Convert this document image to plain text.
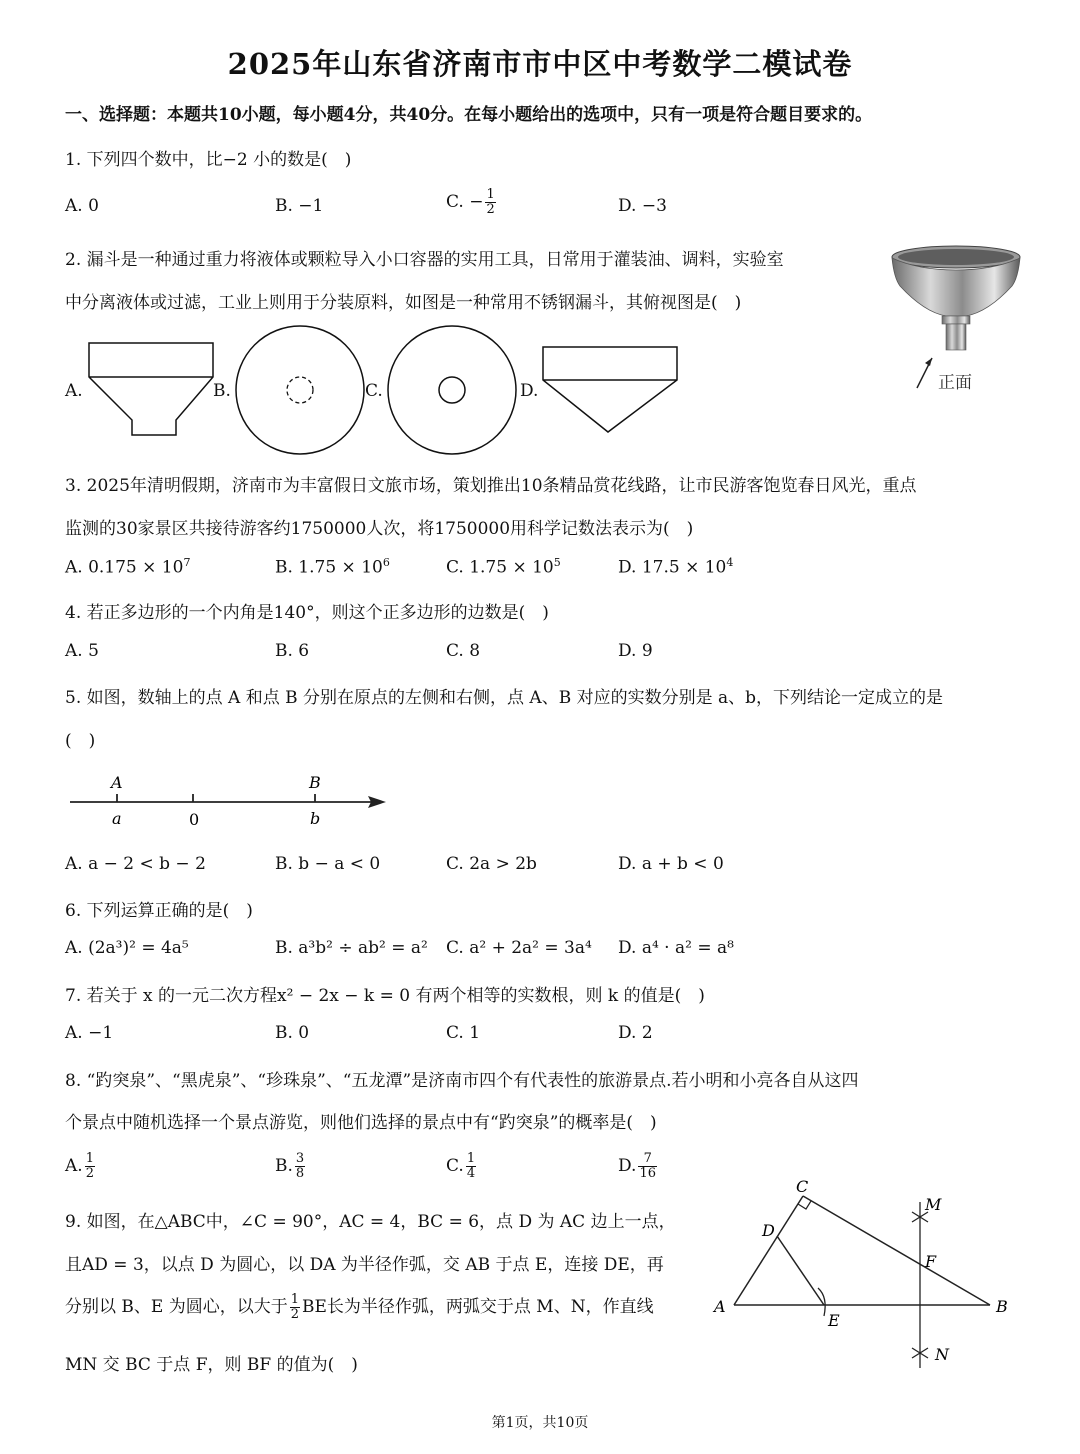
2025年山东省济南市市中区中考数学二模试卷
一、选择题：本题共10小题，每小题4分，共40分。在每小题给出的选项中，只有一项是符合题目要求的。
1. 下列四个数中，比−2 小的数是(　)
A. 0	B. −1	C. − $\frac{1}{2}$	D. −3
2. 漏斗是一种通过重力将液体或颗粒导入小口容器的实用工具，日常用于灌装油、调料，实验室
中分离液体或过滤，工业上则用于分装原料，如图是一种常用不锈钢漏斗，其俯视图是(　)
A.	B.	C.	D.	正面
3. 2025年清明假期，济南市为丰富假日文旅市场，策划推出10条精品赏花线路，让市民游客饱览春日风光，重点
监测的30家景区共接待游客约1750000人次，将1750000用科学记数法表示为(　)
A. $0.175 \times 10^7$	B. $1.75 \times 10^6$	C. $1.75 \times 10^5$	D. $17.5 \times 10^4$
4. 若正多边形的一个内角是140°，则这个正多边形的边数是(　)
A. 5	B. 6	C. 8	D. 9
5. 如图，数轴上的点 A 和点 B 分别在原点的左侧和右侧，点 A、B 对应的实数分别是 a、b，下列结论一定成立的是
(　)
A	B
a	0	b
A. a − 2 < b − 2	B. b − a < 0	C. 2a > 2b	D. a + b < 0
6. 下列运算正确的是(　)
A. (2a³)² = 4a⁵	B. a³b² ÷ ab² = a² C. a² + 2a² = 3a⁴ D. a⁴ · a² = a⁸
7. 若关于 x 的一元二次方程x² − 2x − k = 0 有两个相等的实数根，则 k 的值是(　)
A. −1	B. 0	C. 1	D. 2
8. “趵突泉”、“黑虎泉”、“珍珠泉”、“五龙潭”是济南市四个有代表性的旅游景点.若小明和小亮各自从这四
个景点中随机选择一个景点游览，则他们选择的景点中有“趵突泉”的概率是(　)
A. $\frac{1}{2}$	B. $\frac{3}{8}$	C. $\frac{1}{4}$	D. $\frac{7}{16}$
9. 如图，在△ABC中，∠C = 90°，AC = 4，BC = 6，点 D 为 AC 边上一点，
且AD = 3，以点 D 为圆心，以 DA 为半径作弧，交 AB 于点 E，连接 DE，再
分别以 B、E 为圆心，以大于 $\frac{1}{2}$ BE长为半径作弧，两弧交于点 M、N，作直线
MN 交 BC 于点 F，则 BF 的值为(　)
A	B
C
D
E
F
M
N
第1页，共10页
